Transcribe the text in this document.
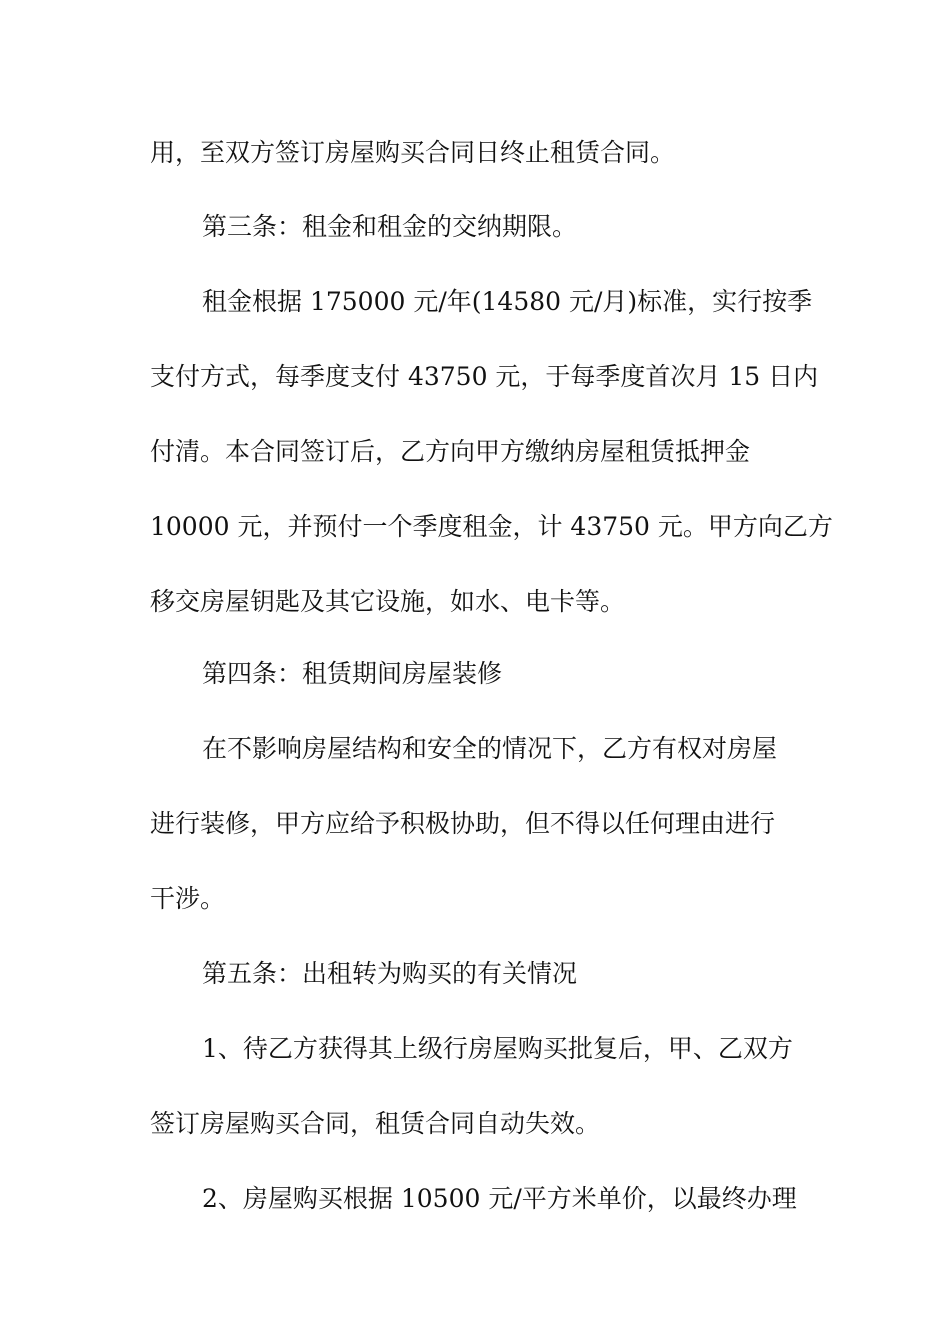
用，至双方签订房屋购买合同日终止租赁合同。
第三条：租金和租金的交纳期限。
租金根据 175000 元/年(14580 元/月)标准，实行按季
支付方式，每季度支付 43750 元，于每季度首次月 15 日内
付清。本合同签订后，乙方向甲方缴纳房屋租赁抵押金
10000 元，并预付一个季度租金，计 43750 元。甲方向乙方
移交房屋钥匙及其它设施，如水、电卡等。
第四条：租赁期间房屋装修
在不影响房屋结构和安全的情况下，乙方有权对房屋
进行装修，甲方应给予积极协助，但不得以任何理由进行
干涉。
第五条：出租转为购买的有关情况
1、待乙方获得其上级行房屋购买批复后，甲、乙双方
签订房屋购买合同，租赁合同自动失效。
2、房屋购买根据 10500 元/平方米单价，以最终办理
